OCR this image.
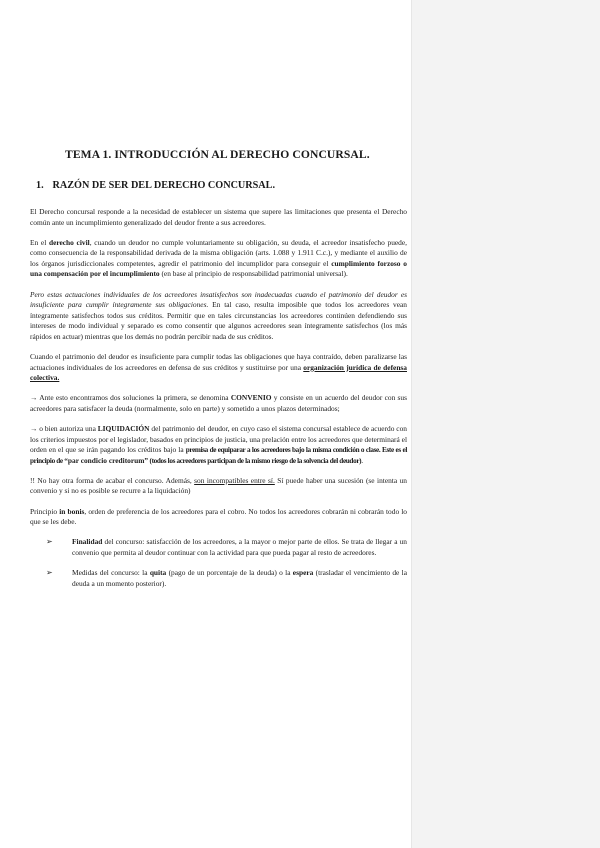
TEMA 1. INTRODUCCIÓN AL DERECHO CONCURSAL.
1. RAZÓN DE SER DEL DERECHO CONCURSAL.

El Derecho concursal responde a la necesidad de establecer un sistema que supere las limitaciones que presenta el Derecho común ante un incumplimiento generalizado del deudor frente a sus acreedores.

En el derecho civil, cuando un deudor no cumple voluntariamente su obligación, su deuda, el acreedor insatisfecho puede, como consecuencia de la responsabilidad derivada de la misma obligación (arts. 1.088 y 1.911 C.c.), y mediante el auxilio de los órganos jurisdiccionales competentes, agredir el patrimonio del incumplidor para conseguir el cumplimiento forzoso o una compensación por el incumplimiento (en base al principio de responsabilidad patrimonial universal).

Pero estas actuaciones individuales de los acreedores insatisfechos son inadecuadas cuando el patrimonio del deudor es insuficiente para cumplir íntegramente sus obligaciones. En tal caso, resulta imposible que todos los acreedores vean íntegramente satisfechos todos sus créditos. Permitir que en tales circunstancias los acreedores continúen defendiendo sus intereses de modo individual y separado es como consentir que algunos acreedores sean íntegramente satisfechos (los más rápidos en actuar) mientras que los demás no podrán percibir nada de sus créditos.

Cuando el patrimonio del deudor es insuficiente para cumplir todas las obligaciones que haya contraído, deben paralizarse las actuaciones individuales de los acreedores en defensa de sus créditos y sustituirse por una organización jurídica de defensa colectiva.

→ Ante esto encontramos dos soluciones la primera, se denomina CONVENIO y consiste en un acuerdo del deudor con sus acreedores para satisfacer la deuda (normalmente, solo en parte) y sometido a unos plazos determinados;

→ o bien autoriza una LIQUIDACIÓN del patrimonio del deudor, en cuyo caso el sistema concursal establece de acuerdo con los criterios impuestos por el legislador, basados en principios de justicia, una prelación entre los acreedores que determinará el orden en el que se irán pagando los créditos bajo la premisa de equiparar a los acreedores bajo la misma condición o clase. Este es el principio de “par condicio creditorum” (todos los acreedores participan de la mismo riesgo de la solvencia del deudor).

!! No hay otra forma de acabar el concurso. Además, son incompatibles entre sí. Sí puede haber una sucesión (se intenta un convenio y si no es posible se recurre a la liquidación)

Principio in bonis, orden de preferencia de los acreedores para el cobro. No todos los acreedores cobrarán ni cobrarán todo lo que se les debe.

➢	Finalidad del concurso: satisfacción de los acreedores, a la mayor o mejor parte de ellos. Se trata de llegar a un convenio que permita al deudor continuar con la actividad para que pueda pagar al resto de acreedores.
➢	Medidas del concurso: la quita (pago de un porcentaje de la deuda) o la espera (trasladar el vencimiento de la deuda a un momento posterior).
